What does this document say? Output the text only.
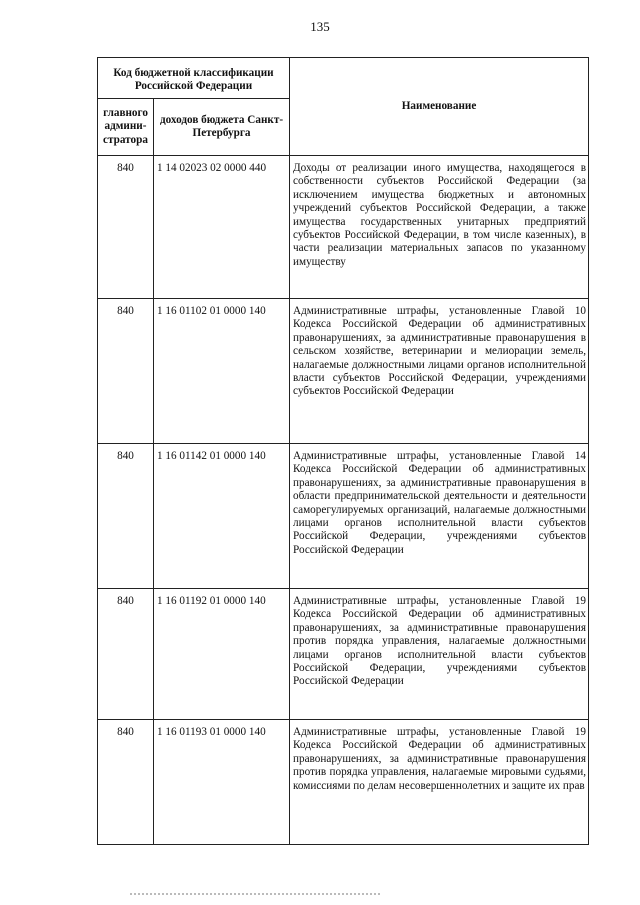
135
Код бюджетной классификации Российской Федерации		Наименование
главного админи-стратора	доходов бюджета Санкт-Петербурга	
840	1 14 02023 02 0000 440	Доходы от реализации иного имущества, находящегося в собственности субъектов Российской Федерации (за исключением имущества бюджетных и автономных учреждений субъектов Российской Федерации, а также имущества государственных унитарных предприятий субъектов Российской Федерации, в том числе казенных), в части реализации материальных запасов по указанному имуществу
840	1 16 01102 01 0000 140	Административные штрафы, установленные Главой 10 Кодекса Российской Федерации об административных правонарушениях, за административные правонарушения в сельском хозяйстве, ветеринарии и мелиорации земель, налагаемые должностными лицами органов исполнительной власти субъектов Российской Федерации, учреждениями субъектов Российской Федерации
840	1 16 01142 01 0000 140	Административные штрафы, установленные Главой 14 Кодекса Российской Федерации об административных правонарушениях, за административные правонарушения в области предпринимательской деятельности и деятельности саморегулируемых организаций, налагаемые должностными лицами органов исполнительной власти субъектов Российской Федерации, учреждениями субъектов Российской Федерации
840	1 16 01192 01 0000 140	Административные штрафы, установленные Главой 19 Кодекса Российской Федерации об административных правонарушениях, за административные правонарушения против порядка управления, налагаемые должностными лицами органов исполнительной власти субъектов Российской Федерации, учреждениями субъектов Российской Федерации
840	1 16 01193 01 0000 140	Административные штрафы, установленные Главой 19 Кодекса Российской Федерации об административных правонарушениях, за административные правонарушения против порядка управления, налагаемые мировыми судьями, комиссиями по делам несовершеннолетних и защите их прав
